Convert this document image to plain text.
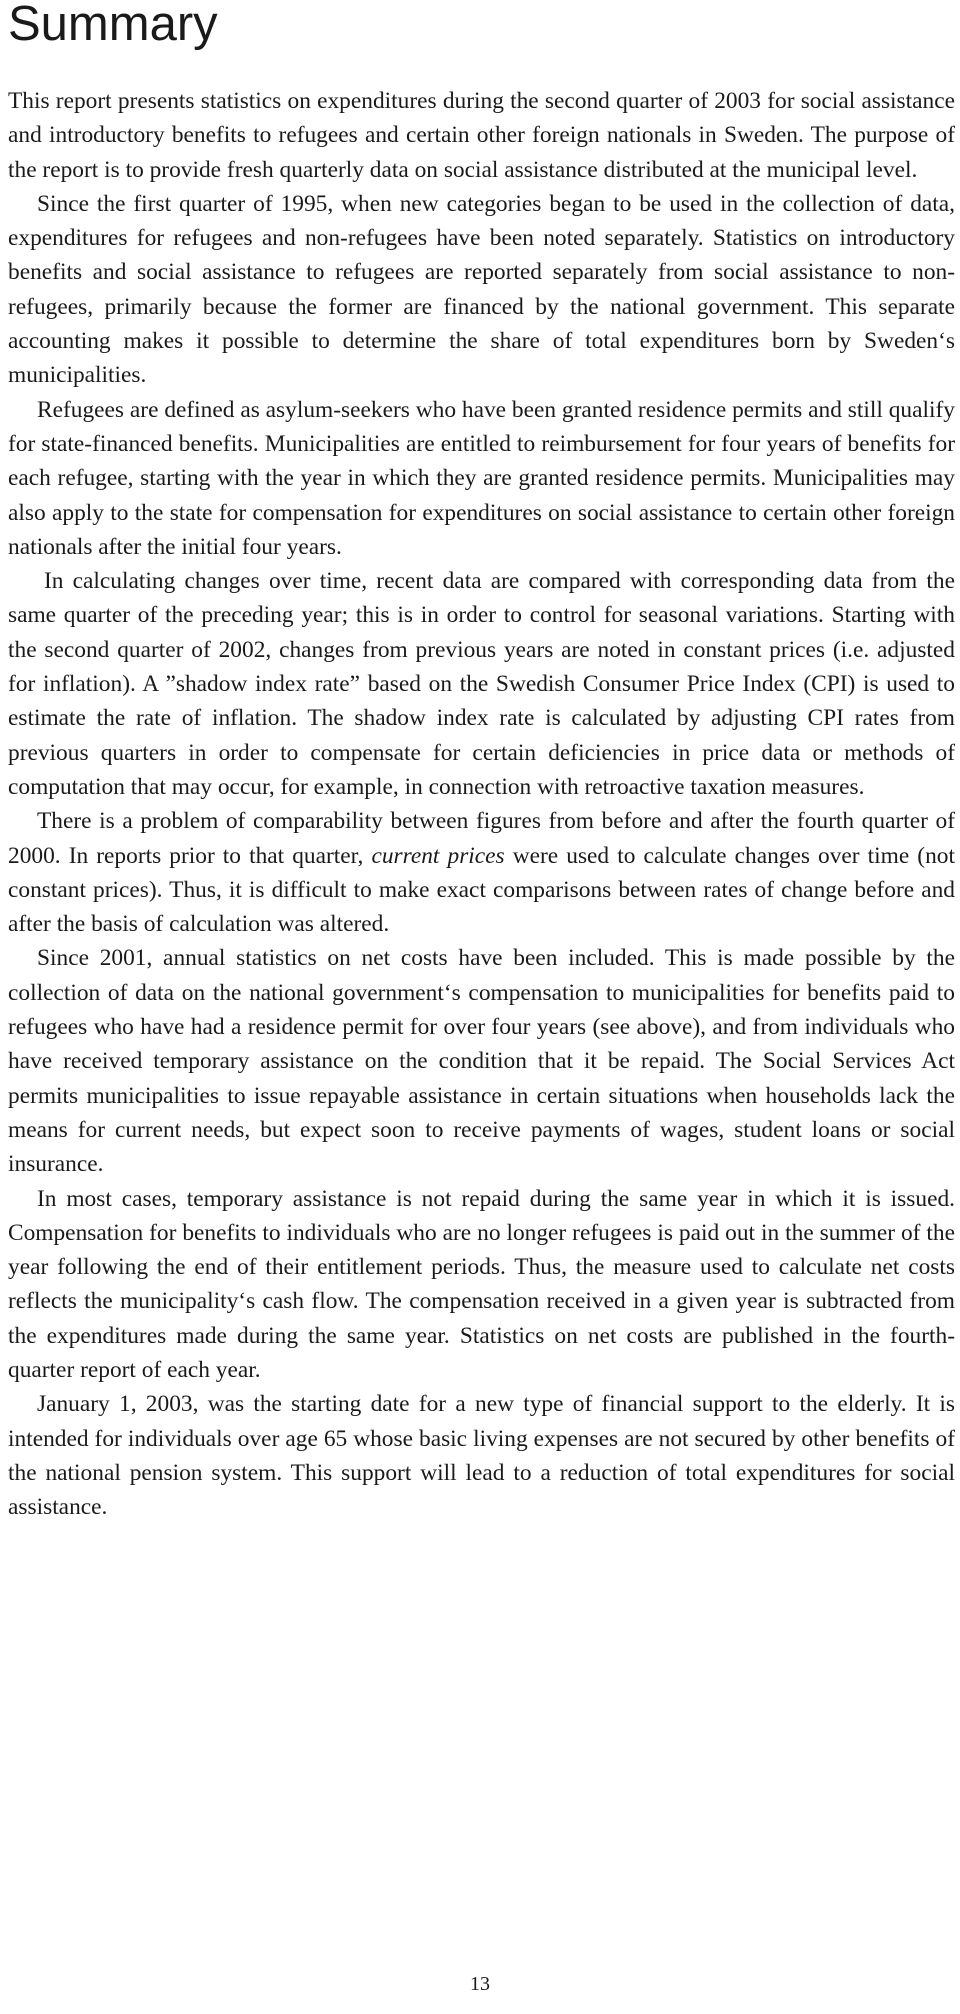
Summary

This report presents statistics on expenditures during the second quarter of 2003 for social assistance and introductory benefits to refugees and certain other foreign nationals in Sweden. The purpose of the report is to provide fresh quarterly data on social assistance distributed at the municipal level.

Since the first quarter of 1995, when new categories began to be used in the collection of data, expenditures for refugees and non-refugees have been noted separately. Statistics on introductory benefits and social assistance to refugees are reported separately from social assistance to non-refugees, primarily because the former are financed by the national government. This separate accounting makes it possible to determine the share of total expenditures born by Sweden‘s municipalities.

Refugees are defined as asylum-seekers who have been granted residence permits and still qualify for state-financed benefits. Municipalities are entitled to reimbursement for four years of benefits for each refugee, starting with the year in which they are granted residence permits. Municipalities may also apply to the state for compensation for expenditures on social assistance to certain other foreign nationals after the initial four years.

In calculating changes over time, recent data are compared with corresponding data from the same quarter of the preceding year; this is in order to control for seasonal variations. Starting with the second quarter of 2002, changes from previous years are noted in constant prices (i.e. adjusted for inflation). A ”shadow index rate” based on the Swedish Consumer Price Index (CPI) is used to estimate the rate of inflation. The shadow index rate is calculated by adjusting CPI rates from previous quarters in order to compensate for certain deficiencies in price data or methods of computation that may occur, for example, in connection with retroactive taxation measures.

There is a problem of comparability between figures from before and after the fourth quarter of 2000. In reports prior to that quarter, current prices were used to calculate changes over time (not constant prices). Thus, it is difficult to make exact comparisons between rates of change before and after the basis of calculation was altered.

Since 2001, annual statistics on net costs have been included. This is made possible by the collection of data on the national government‘s compensation to municipalities for benefits paid to refugees who have had a residence permit for over four years (see above), and from individuals who have received temporary assistance on the condition that it be repaid. The Social Services Act permits municipalities to issue repayable assistance in certain situations when households lack the means for current needs, but expect soon to receive payments of wages, student loans or social insurance.

In most cases, temporary assistance is not repaid during the same year in which it is issued. Compensation for benefits to individuals who are no longer refugees is paid out in the summer of the year following the end of their entitlement periods. Thus, the measure used to calculate net costs reflects the municipality‘s cash flow. The compensation received in a given year is subtracted from the expenditures made during the same year. Statistics on net costs are published in the fourth-quarter report of each year.

January 1, 2003, was the starting date for a new type of financial support to the elderly. It is intended for individuals over age 65 whose basic living expenses are not secured by other benefits of the national pension system. This support will lead to a reduction of total expenditures for social assistance.

13
